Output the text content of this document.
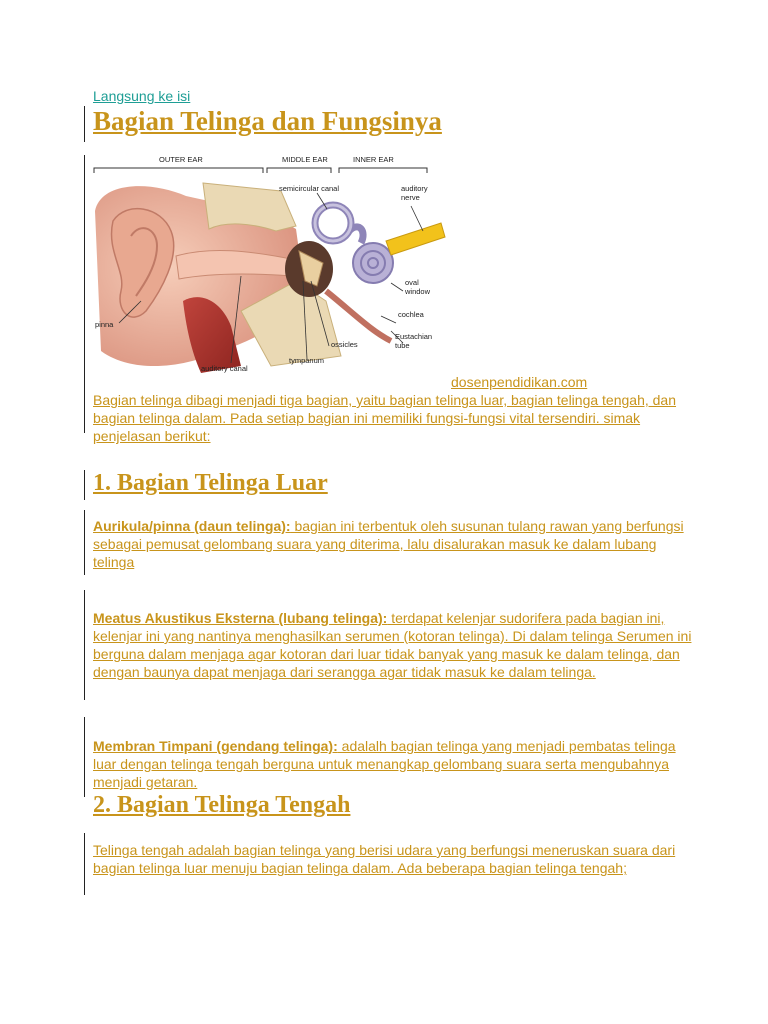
Langsung ke isi
Bagian Telinga dan Fungsinya
OUTER EAR	MIDDLE EAR	INNER EAR
semicircular canal	auditory
nerve
oval
window
cochlea
Eustachian
tube
pinna
ossicles
tympanum
auditory canal
dosenpendidikan.com

Bagian telinga dibagi menjadi tiga bagian, yaitu bagian telinga luar, bagian telinga tengah, dan bagian telinga dalam. Pada setiap bagian ini memiliki fungsi-fungsi vital tersendiri. simak penjelasan berikut:

1. Bagian Telinga Luar

Aurikula/pinna (daun telinga): bagian ini terbentuk oleh susunan tulang rawan yang berfungsi sebagai pemusat gelombang suara yang diterima, lalu disalurakan masuk ke dalam lubang telinga

Meatus Akustikus Eksterna (lubang telinga): terdapat kelenjar sudorifera pada bagian ini, kelenjar ini yang nantinya menghasilkan serumen (kotoran telinga). Di dalam telinga Serumen ini berguna dalam menjaga agar kotoran dari luar tidak banyak yang masuk ke dalam telinga, dan dengan baunya dapat menjaga dari serangga agar tidak masuk ke dalam telinga.

Membran Timpani (gendang telinga): adalalh bagian telinga yang menjadi pembatas telinga luar dengan telinga tengah berguna untuk menangkap gelombang suara serta mengubahnya menjadi getaran.

2. Bagian Telinga Tengah

Telinga tengah adalah bagian telinga yang berisi udara yang berfungsi meneruskan suara dari bagian telinga luar menuju bagian telinga dalam. Ada beberapa bagian telinga tengah;
